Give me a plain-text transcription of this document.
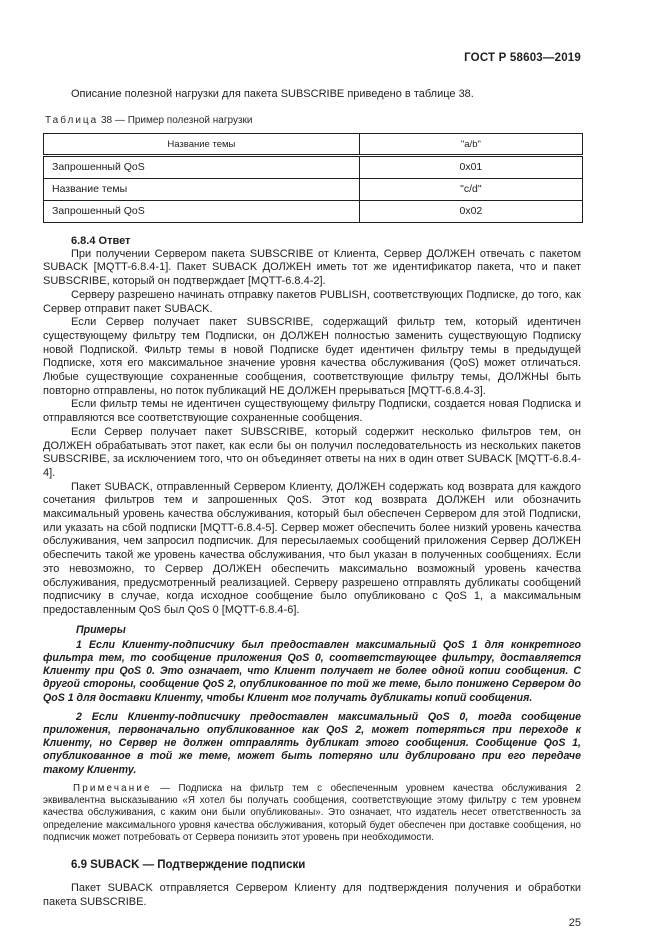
ГОСТ Р 58603—2019

Описание полезной нагрузки для пакета SUBSCRIBE приведено в таблице 38.

Таблица 38 — Пример полезной нагрузки
Название темы	"a/b"
Запрошенный QoS	0x01
Название темы	"c/d"
Запрошенный QoS	0x02
6.8.4 Ответ

При получении Сервером пакета SUBSCRIBE от Клиента, Сервер ДОЛЖЕН отвечать с пакетом SUBACK [MQTT-6.8.4-1]. Пакет SUBACK ДОЛЖЕН иметь тот же идентификатор пакета, что и пакет SUBSCRIBE, который он подтверждает [MQTT-6.8.4-2].

Серверу разрешено начинать отправку пакетов PUBLISH, соответствующих Подписке, до того, как Сервер отправит пакет SUBACK.

Если Сервер получает пакет SUBSCRIBE, содержащий фильтр тем, который идентичен существующему фильтру тем Подписки, он ДОЛЖЕН полностью заменить существующую Подписку новой Подпиской. Фильтр темы в новой Подписке будет идентичен фильтру темы в предыдущей Подписке, хотя его максимальное значение уровня качества обслуживания (QoS) может отличаться. Любые существующие сохраненные сообщения, соответствующие фильтру темы, ДОЛЖНЫ быть повторно отправлены, но поток публикаций НЕ ДОЛЖЕН прерываться [MQTT-6.8.4-3].

Если фильтр темы не идентичен существующему фильтру Подписки, создается новая Подписка и отправляются все соответствующие сохраненные сообщения.

Если Сервер получает пакет SUBSCRIBE, который содержит несколько фильтров тем, он ДОЛЖЕН обрабатывать этот пакет, как если бы он получил последовательность из нескольких пакетов SUBSCRIBE, за исключением того, что он объединяет ответы на них в один ответ SUBACK [MQTT-6.8.4-4].

Пакет SUBACK, отправленный Сервером Клиенту, ДОЛЖЕН содержать код возврата для каждого сочетания фильтров тем и запрошенных QoS. Этот код возврата ДОЛЖЕН или обозначить максимальный уровень качества обслуживания, который был обеспечен Сервером для этой Подписки, или указать на сбой подписки [MQTT-6.8.4-5]. Сервер может обеспечить более низкий уровень качества обслуживания, чем запросил подписчик. Для пересылаемых сообщений приложения Сервер ДОЛЖЕН обеспечить такой же уровень качества обслуживания, что был указан в полученных сообщениях. Если это невозможно, то Сервер ДОЛЖЕН обеспечить максимально возможный уровень качества обслуживания, предусмотренный реализацией. Серверу разрешено отправлять дубликаты сообщений подписчику в случае, когда исходное сообщение было опубликовано с QoS 1, а максимальным предоставленным QoS был QoS 0 [MQTT-6.8.4-6].

Примеры

1 Если Клиенту-подписчику был предоставлен максимальный QoS 1 для конкретного фильтра тем, то сообщение приложения QoS 0, соответствующее фильтру, доставляется Клиенту при QoS 0. Это означает, что Клиент получает не более одной копии сообщения. С другой стороны, сообщение QoS 2, опубликованное по той же теме, было понижено Сервером до QoS 1 для доставки Клиенту, чтобы Клиент мог получать дубликаты копий сообщения.

2 Если Клиенту-подписчику предоставлен максимальный QoS 0, тогда сообщение приложения, первоначально опубликованное как QoS 2, может потеряться при переходе к Клиенту, но Сервер не должен отправлять дубликат этого сообщения. Сообщение QoS 1, опубликованное в той же теме, может быть потеряно или дублировано при его передаче такому Клиенту.

Примечание — Подписка на фильтр тем с обеспеченным уровнем качества обслуживания 2 эквивалентна высказыванию «Я хотел бы получать сообщения, соответствующие этому фильтру с тем уровнем качества обслуживания, с каким они были опубликованы». Это означает, что издатель несет ответственность за определение максимального уровня качества обслуживания, который будет обеспечен при доставке сообщения, но подписчик может потребовать от Сервера понизить этот уровень при необходимости.

6.9 SUBACK — Подтверждение подписки

Пакет SUBACK отправляется Сервером Клиенту для подтверждения получения и обработки пакета SUBSCRIBE.

25
